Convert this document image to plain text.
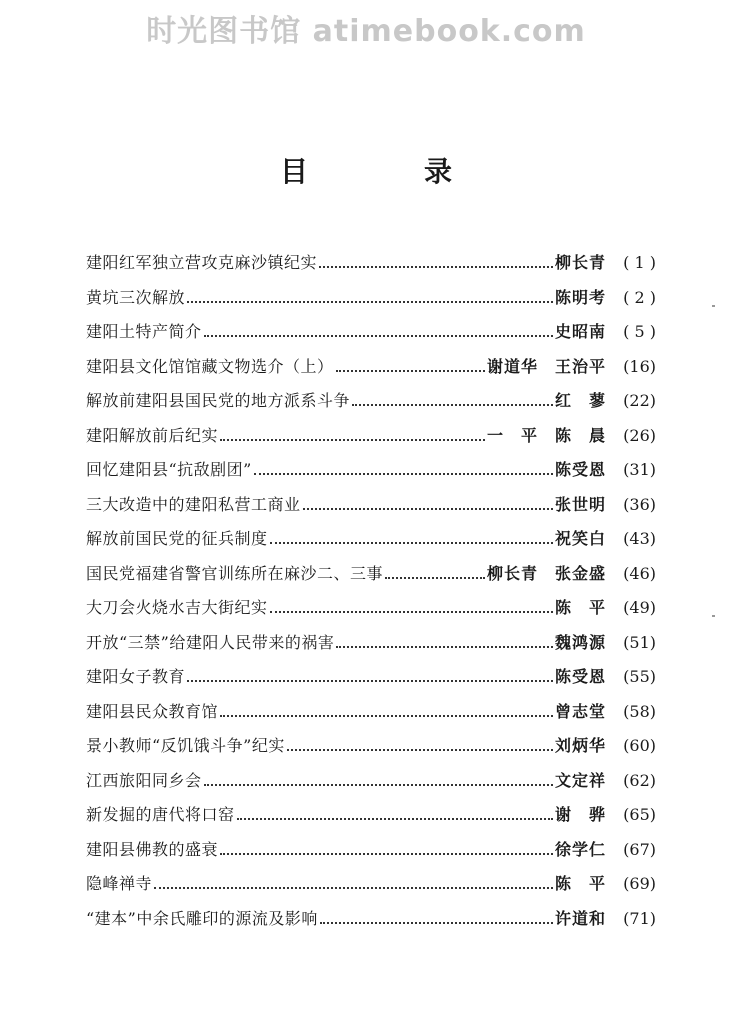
时光图书馆 atimebook.com
目　录
建阳红军独立营攻克麻沙镇纪实	柳长青	( 1 )
黄坑三次解放	陈明考	( 2 )
建阳土特产简介	史昭南	( 5 )
建阳县文化馆馆藏文物选介（上）	谢道华　王治平	(16)
解放前建阳县国民党的地方派系斗争	红　蓼	(22)
建阳解放前后纪实	一　平　陈　晨	(26)
回忆建阳县“抗敌剧团”	陈受恩	(31)
三大改造中的建阳私营工商业	张世明	(36)
解放前国民党的征兵制度	祝笑白	(43)
国民党福建省警官训练所在麻沙二、三事	柳长青　张金盛	(46)
大刀会火烧水吉大街纪实	陈　平	(49)
开放“三禁”给建阳人民带来的祸害	魏鸿源	(51)
建阳女子教育	陈受恩	(55)
建阳县民众教育馆	曾志堂	(58)
景小教师“反饥饿斗争”纪实	刘炳华	(60)
江西旅阳同乡会	文定祥	(62)
新发掘的唐代将口窑	谢　骅	(65)
建阳县佛教的盛衰	徐学仁	(67)
隐峰禅寺	陈　平	(69)
“建本”中余氏雕印的源流及影响	许道和	(71)
